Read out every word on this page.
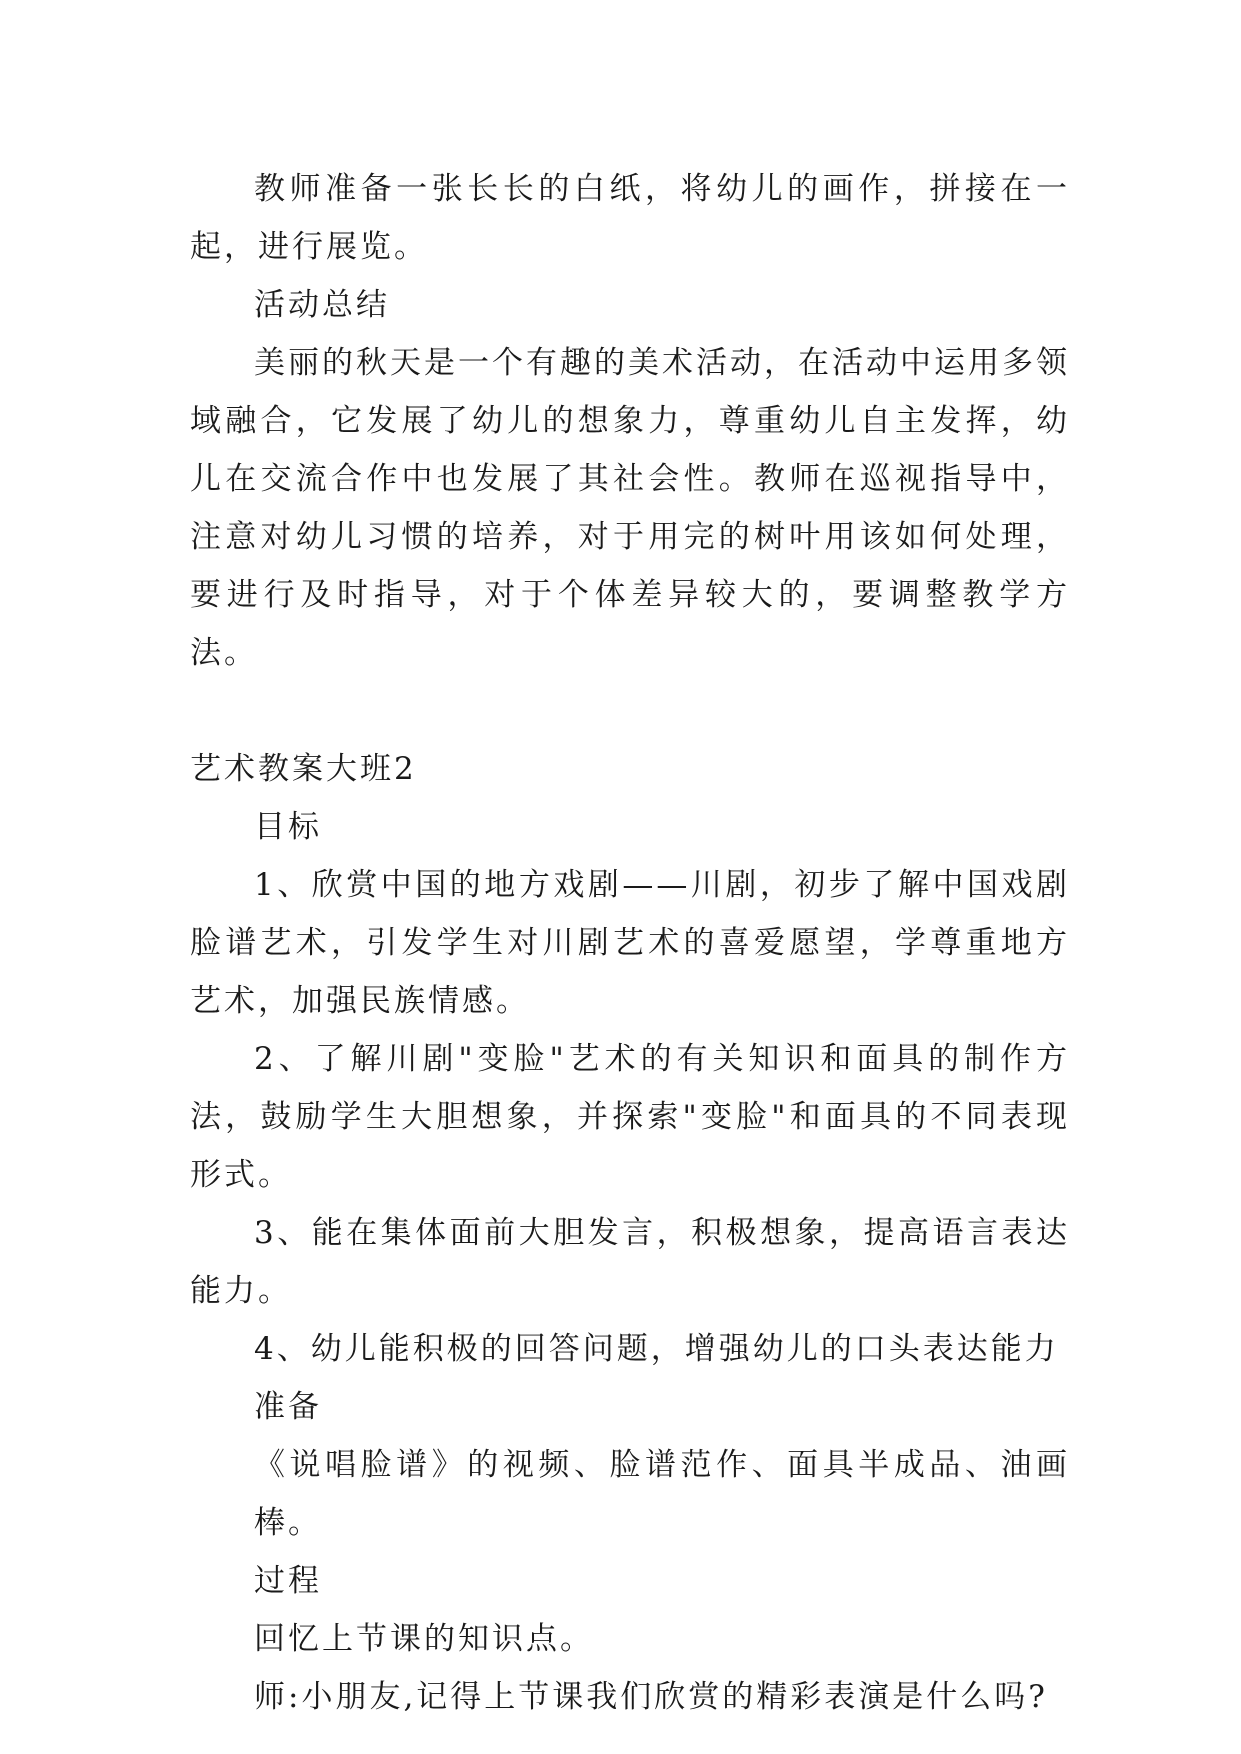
教师准备一张长长的白纸，将幼儿的画作，拼接在一起，进行展览。

活动总结

美丽的秋天是一个有趣的美术活动，在活动中运用多领域融合，它发展了幼儿的想象力，尊重幼儿自主发挥，幼儿在交流合作中也发展了其社会性。教师在巡视指导中，注意对幼儿习惯的培养，对于用完的树叶用该如何处理，要进行及时指导，对于个体差异较大的，要调整教学方法。

艺术教案大班2

目标

1、欣赏中国的地方戏剧——川剧，初步了解中国戏剧脸谱艺术，引发学生对川剧艺术的喜爱愿望，学尊重地方艺术，加强民族情感。

2、了解川剧"变脸"艺术的有关知识和面具的制作方法，鼓励学生大胆想象，并探索"变脸"和面具的不同表现形式。

3、能在集体面前大胆发言，积极想象，提高语言表达能力。

4、幼儿能积极的回答问题，增强幼儿的口头表达能力

准备

《说唱脸谱》的视频、脸谱范作、面具半成品、油画棒。

过程

回忆上节课的知识点。

师:小朋友,记得上节课我们欣赏的精彩表演是什么吗?
